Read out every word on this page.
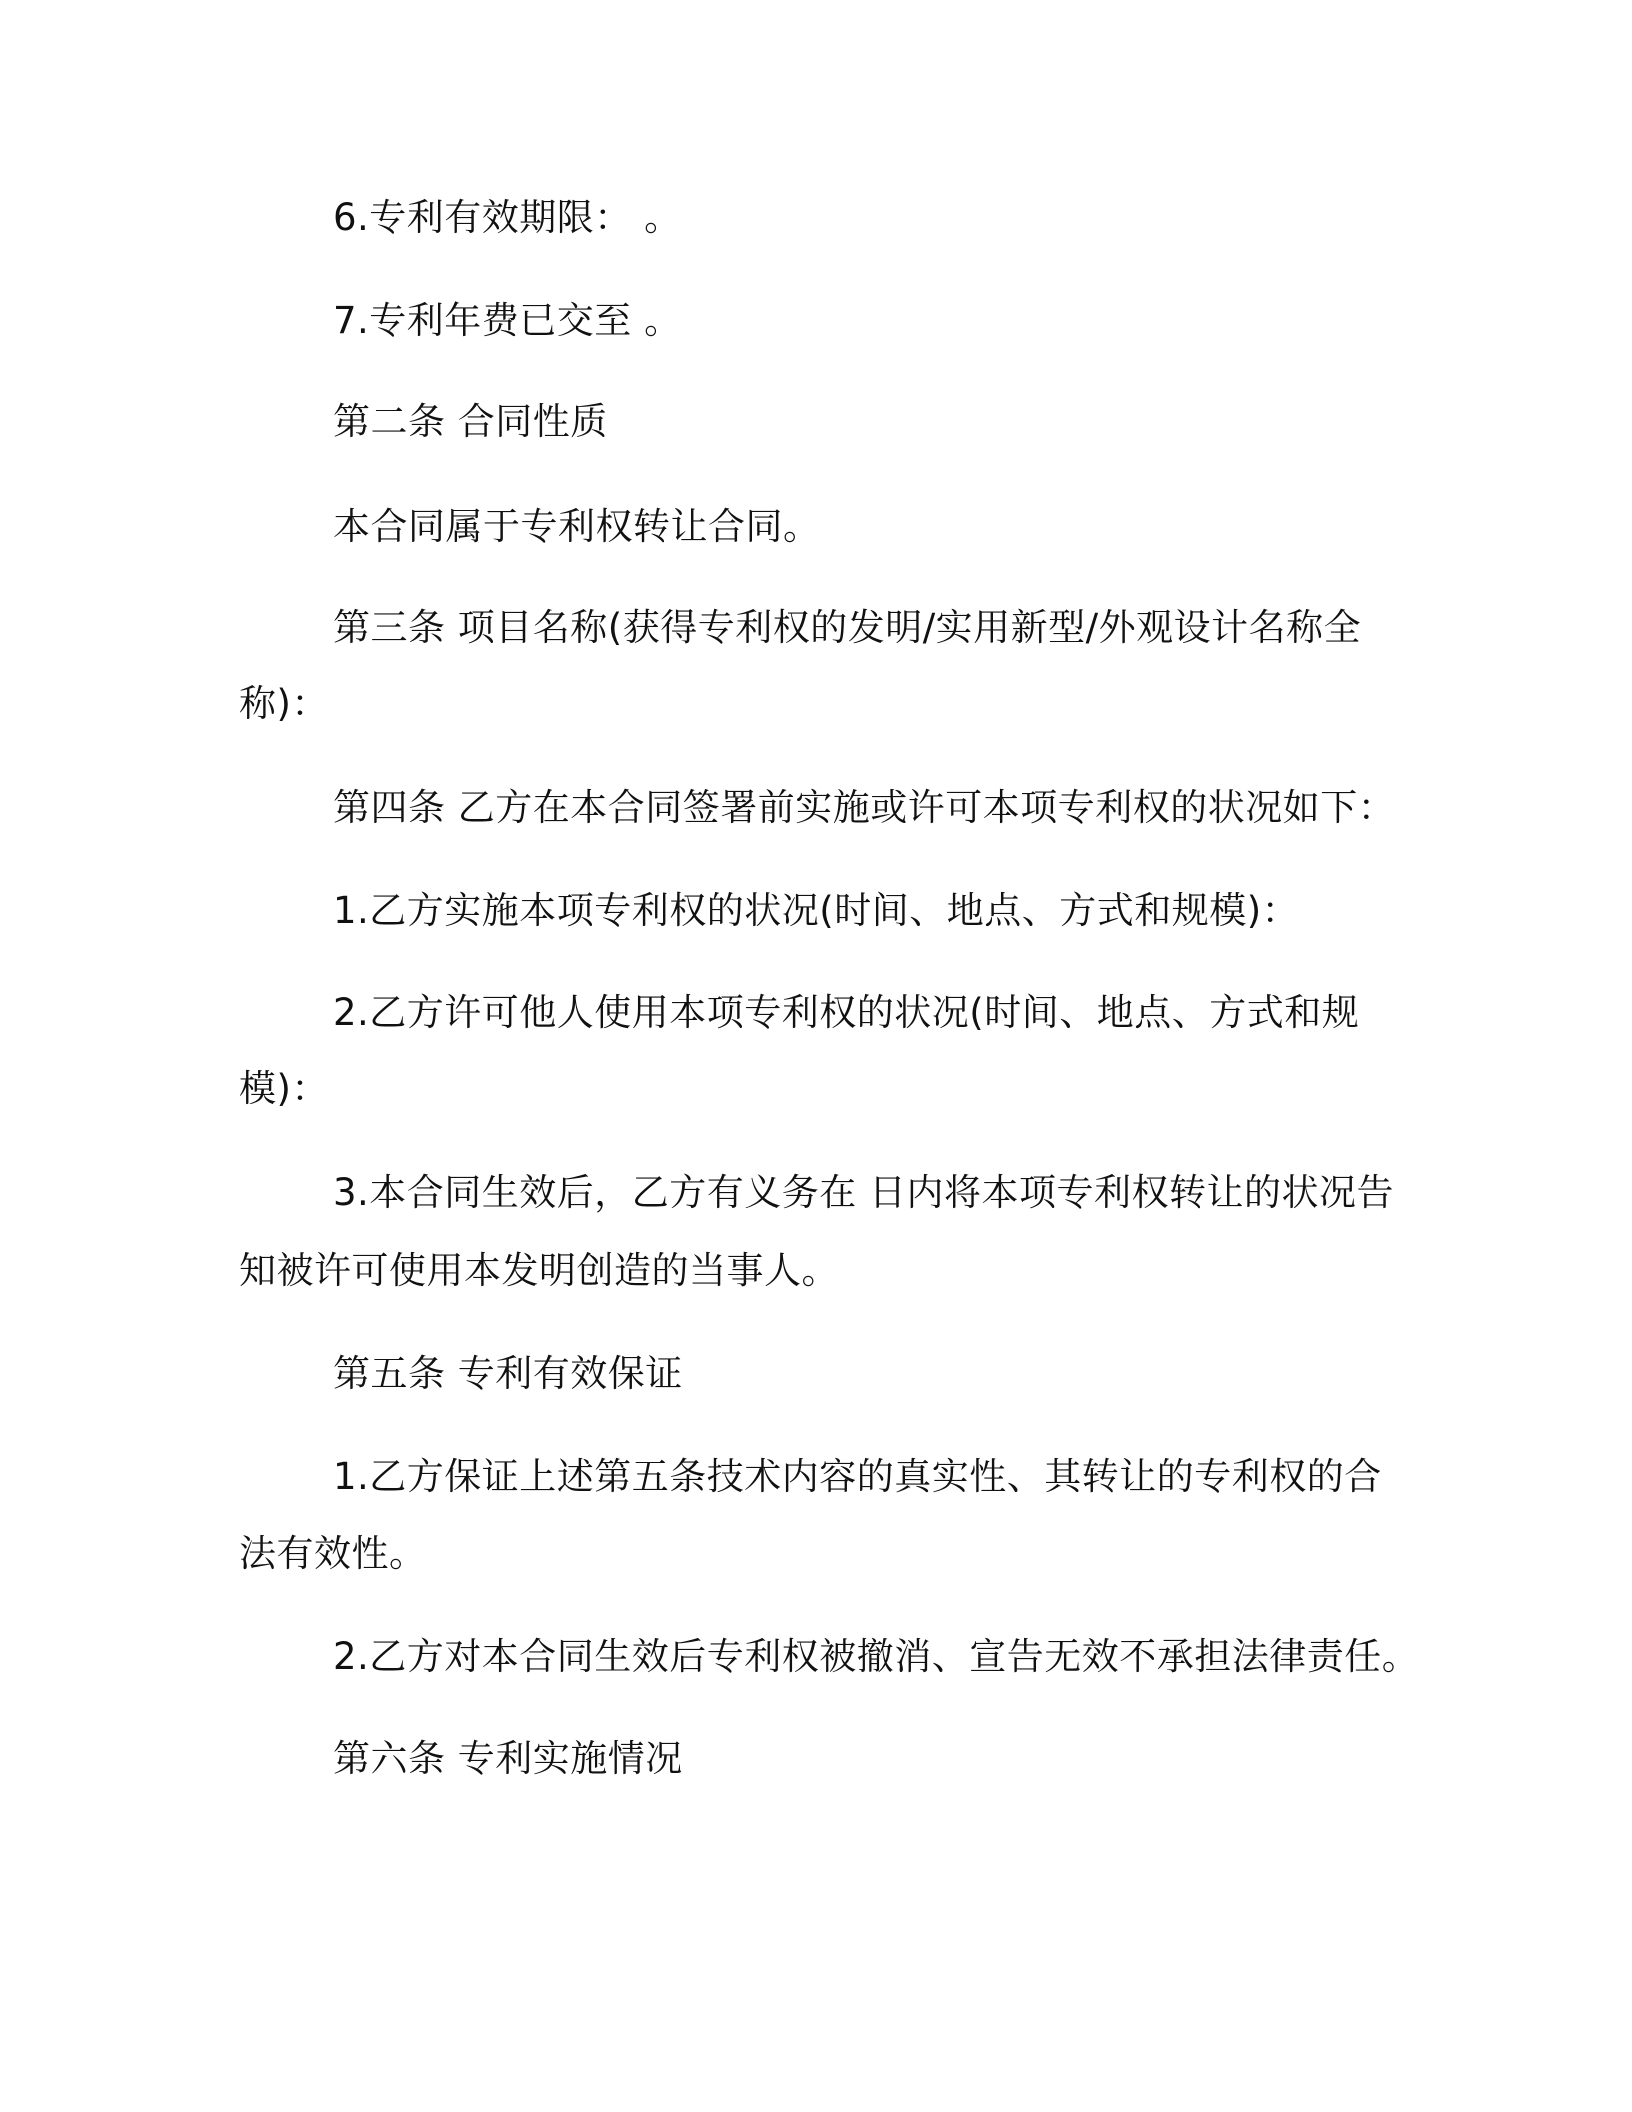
6.专利有效期限： 。

7.专利年费已交至 。

第二条 合同性质

本合同属于专利权转让合同。

第三条 项目名称(获得专利权的发明/实用新型/外观设计名称全

称)：

第四条 乙方在本合同签署前实施或许可本项专利权的状况如下：

1.乙方实施本项专利权的状况(时间、地点、方式和规模)：

2.乙方许可他人使用本项专利权的状况(时间、地点、方式和规

模)：

3.本合同生效后，乙方有义务在 日内将本项专利权转让的状况告

知被许可使用本发明创造的当事人。

第五条 专利有效保证

1.乙方保证上述第五条技术内容的真实性、其转让的专利权的合

法有效性。

2.乙方对本合同生效后专利权被撤消、宣告无效不承担法律责任。

第六条 专利实施情况
